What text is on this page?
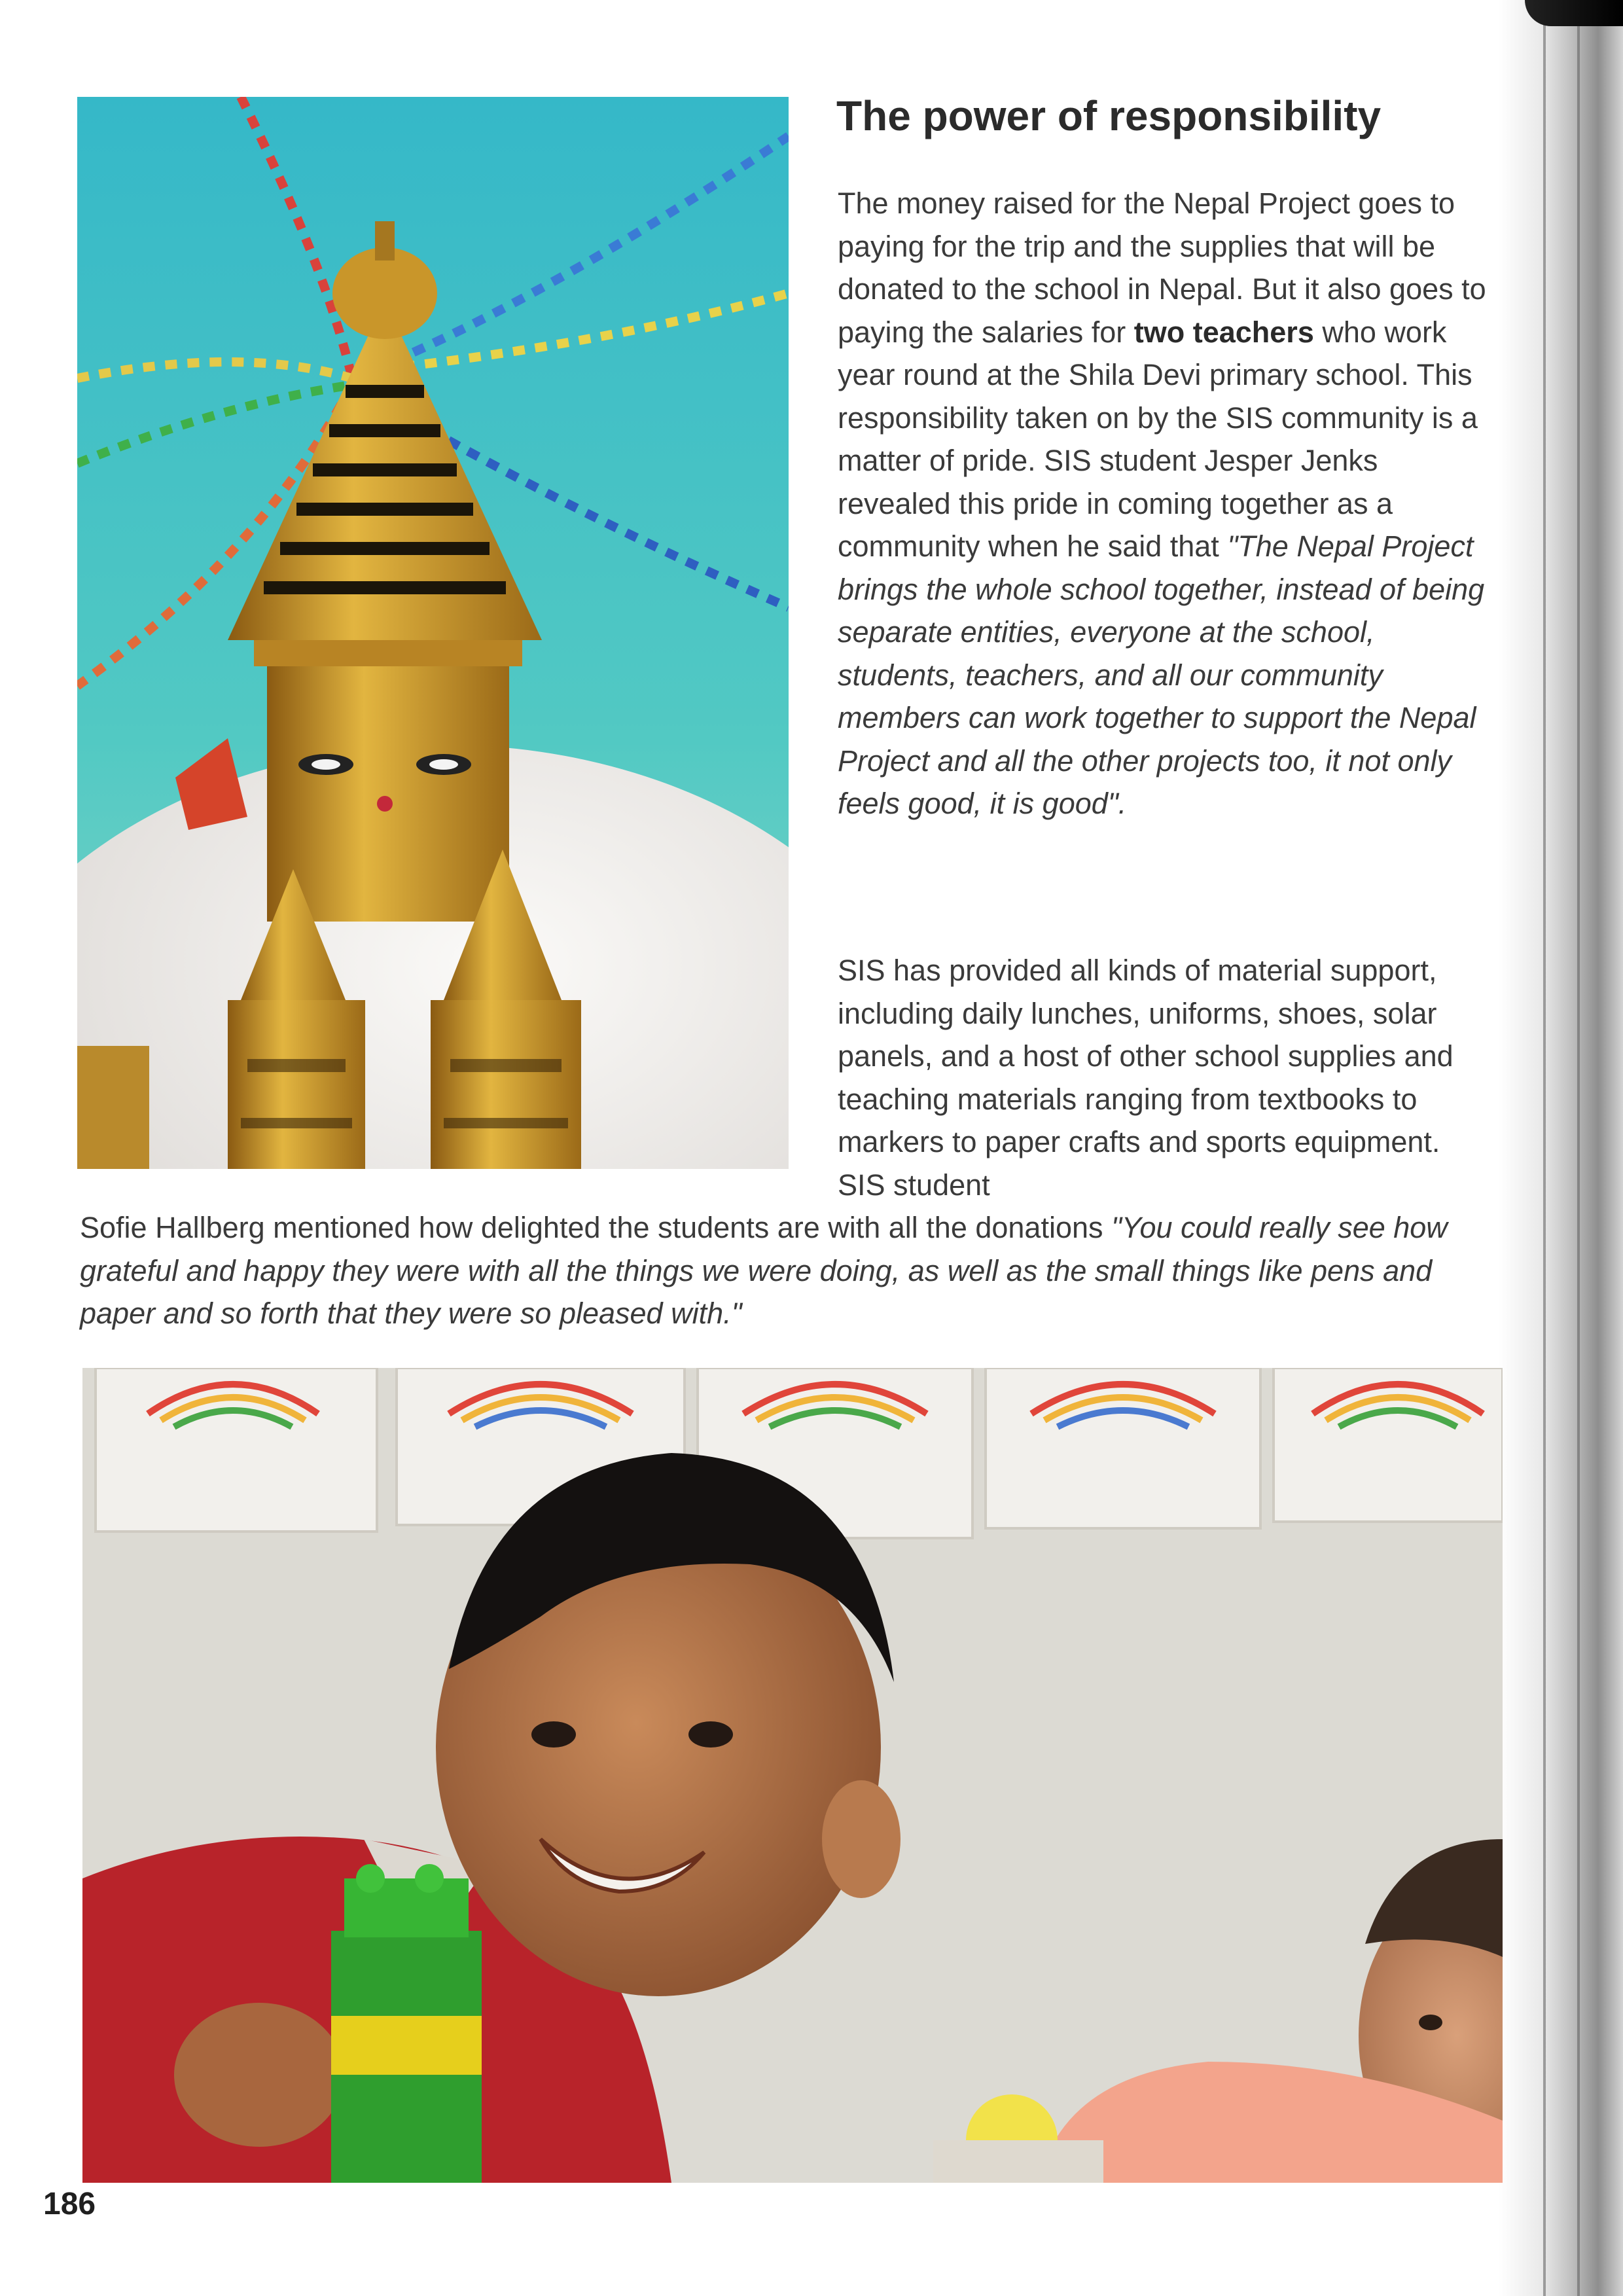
The power of responsibility

The money raised for the Nepal Project goes to paying for the trip and the supplies that will be donated to the school in Nepal. But it also goes to paying the salaries for two teachers who work year round at the Shila Devi primary school. This responsibility taken on by the SIS community is a matter of pride. SIS student Jesper Jenks revealed this pride in coming together as a community when he said that "The Nepal Project brings the whole school together, instead of being separate entities, everyone at the school, students, teachers, and all our community members can work together to support the Nepal Project and all the other projects too, it not only feels good, it is good".

SIS has provided all kinds of material support, including daily lunches, uniforms, shoes, solar panels, and a host of other school supplies and teaching materials ranging from textbooks to markers to paper crafts and sports equipment. SIS student

Sofie Hallberg mentioned how delighted the students are with all the donations "You could really see how grateful and happy they were with all the things we were doing, as well as the small things like pens and paper and so forth that they were so pleased with."

186
